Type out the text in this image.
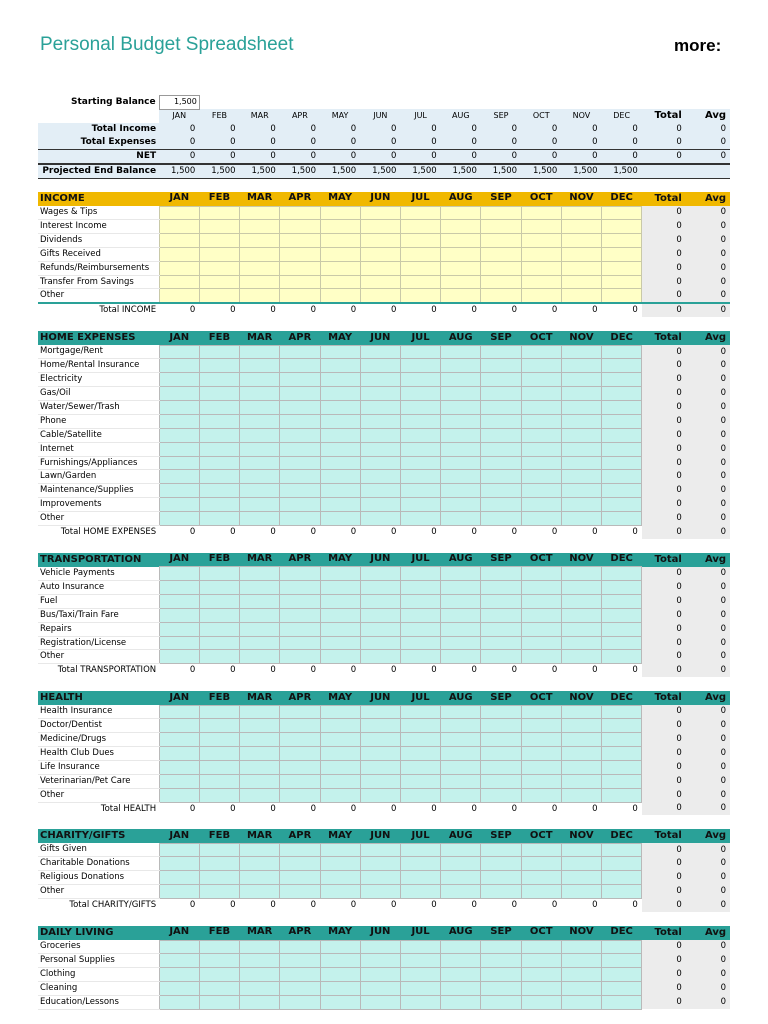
Personal Budget Spreadsheet	more:
Starting Balance	1,500													
	JAN	FEB	MAR	APR	MAY	JUN	JUL	AUG	SEP	OCT	NOV	DEC	Total	Avg
Total Income	0	0	0	0	0	0	0	0	0	0	0	0	0	0
Total Expenses	0	0	0	0	0	0	0	0	0	0	0	0	0	0
NET	0	0	0	0	0	0	0	0	0	0	0	0	0	0
Projected End Balance	1,500	1,500	1,500	1,500	1,500	1,500	1,500	1,500	1,500	1,500	1,500	1,500		

INCOME	JAN	FEB	MAR	APR	MAY	JUN	JUL	AUG	SEP	OCT	NOV	DEC	Total	Avg
Wages & Tips													0	0
Interest Income													0	0
Dividends													0	0
Gifts Received													0	0
Refunds/Reimbursements													0	0
Transfer From Savings													0	0
Other													0	0
Total INCOME	0	0	0	0	0	0	0	0	0	0	0	0	0	0

HOME EXPENSES	JAN	FEB	MAR	APR	MAY	JUN	JUL	AUG	SEP	OCT	NOV	DEC	Total	Avg
Mortgage/Rent													0	0
Home/Rental Insurance													0	0
Electricity													0	0
Gas/Oil													0	0
Water/Sewer/Trash													0	0
Phone													0	0
Cable/Satellite													0	0
Internet													0	0
Furnishings/Appliances													0	0
Lawn/Garden													0	0
Maintenance/Supplies													0	0
Improvements													0	0
Other													0	0
Total HOME EXPENSES	0	0	0	0	0	0	0	0	0	0	0	0	0	0

TRANSPORTATION	JAN	FEB	MAR	APR	MAY	JUN	JUL	AUG	SEP	OCT	NOV	DEC	Total	Avg
Vehicle Payments													0	0
Auto Insurance													0	0
Fuel													0	0
Bus/Taxi/Train Fare													0	0
Repairs													0	0
Registration/License													0	0
Other													0	0
Total TRANSPORTATION	0	0	0	0	0	0	0	0	0	0	0	0	0	0

HEALTH	JAN	FEB	MAR	APR	MAY	JUN	JUL	AUG	SEP	OCT	NOV	DEC	Total	Avg
Health Insurance													0	0
Doctor/Dentist													0	0
Medicine/Drugs													0	0
Health Club Dues													0	0
Life Insurance													0	0
Veterinarian/Pet Care													0	0
Other													0	0
Total HEALTH	0	0	0	0	0	0	0	0	0	0	0	0	0	0

CHARITY/GIFTS	JAN	FEB	MAR	APR	MAY	JUN	JUL	AUG	SEP	OCT	NOV	DEC	Total	Avg
Gifts Given													0	0
Charitable Donations													0	0
Religious Donations													0	0
Other													0	0
Total CHARITY/GIFTS	0	0	0	0	0	0	0	0	0	0	0	0	0	0

DAILY LIVING	JAN	FEB	MAR	APR	MAY	JUN	JUL	AUG	SEP	OCT	NOV	DEC	Total	Avg
Groceries													0	0
Personal Supplies													0	0
Clothing													0	0
Cleaning													0	0
Education/Lessons													0	0
